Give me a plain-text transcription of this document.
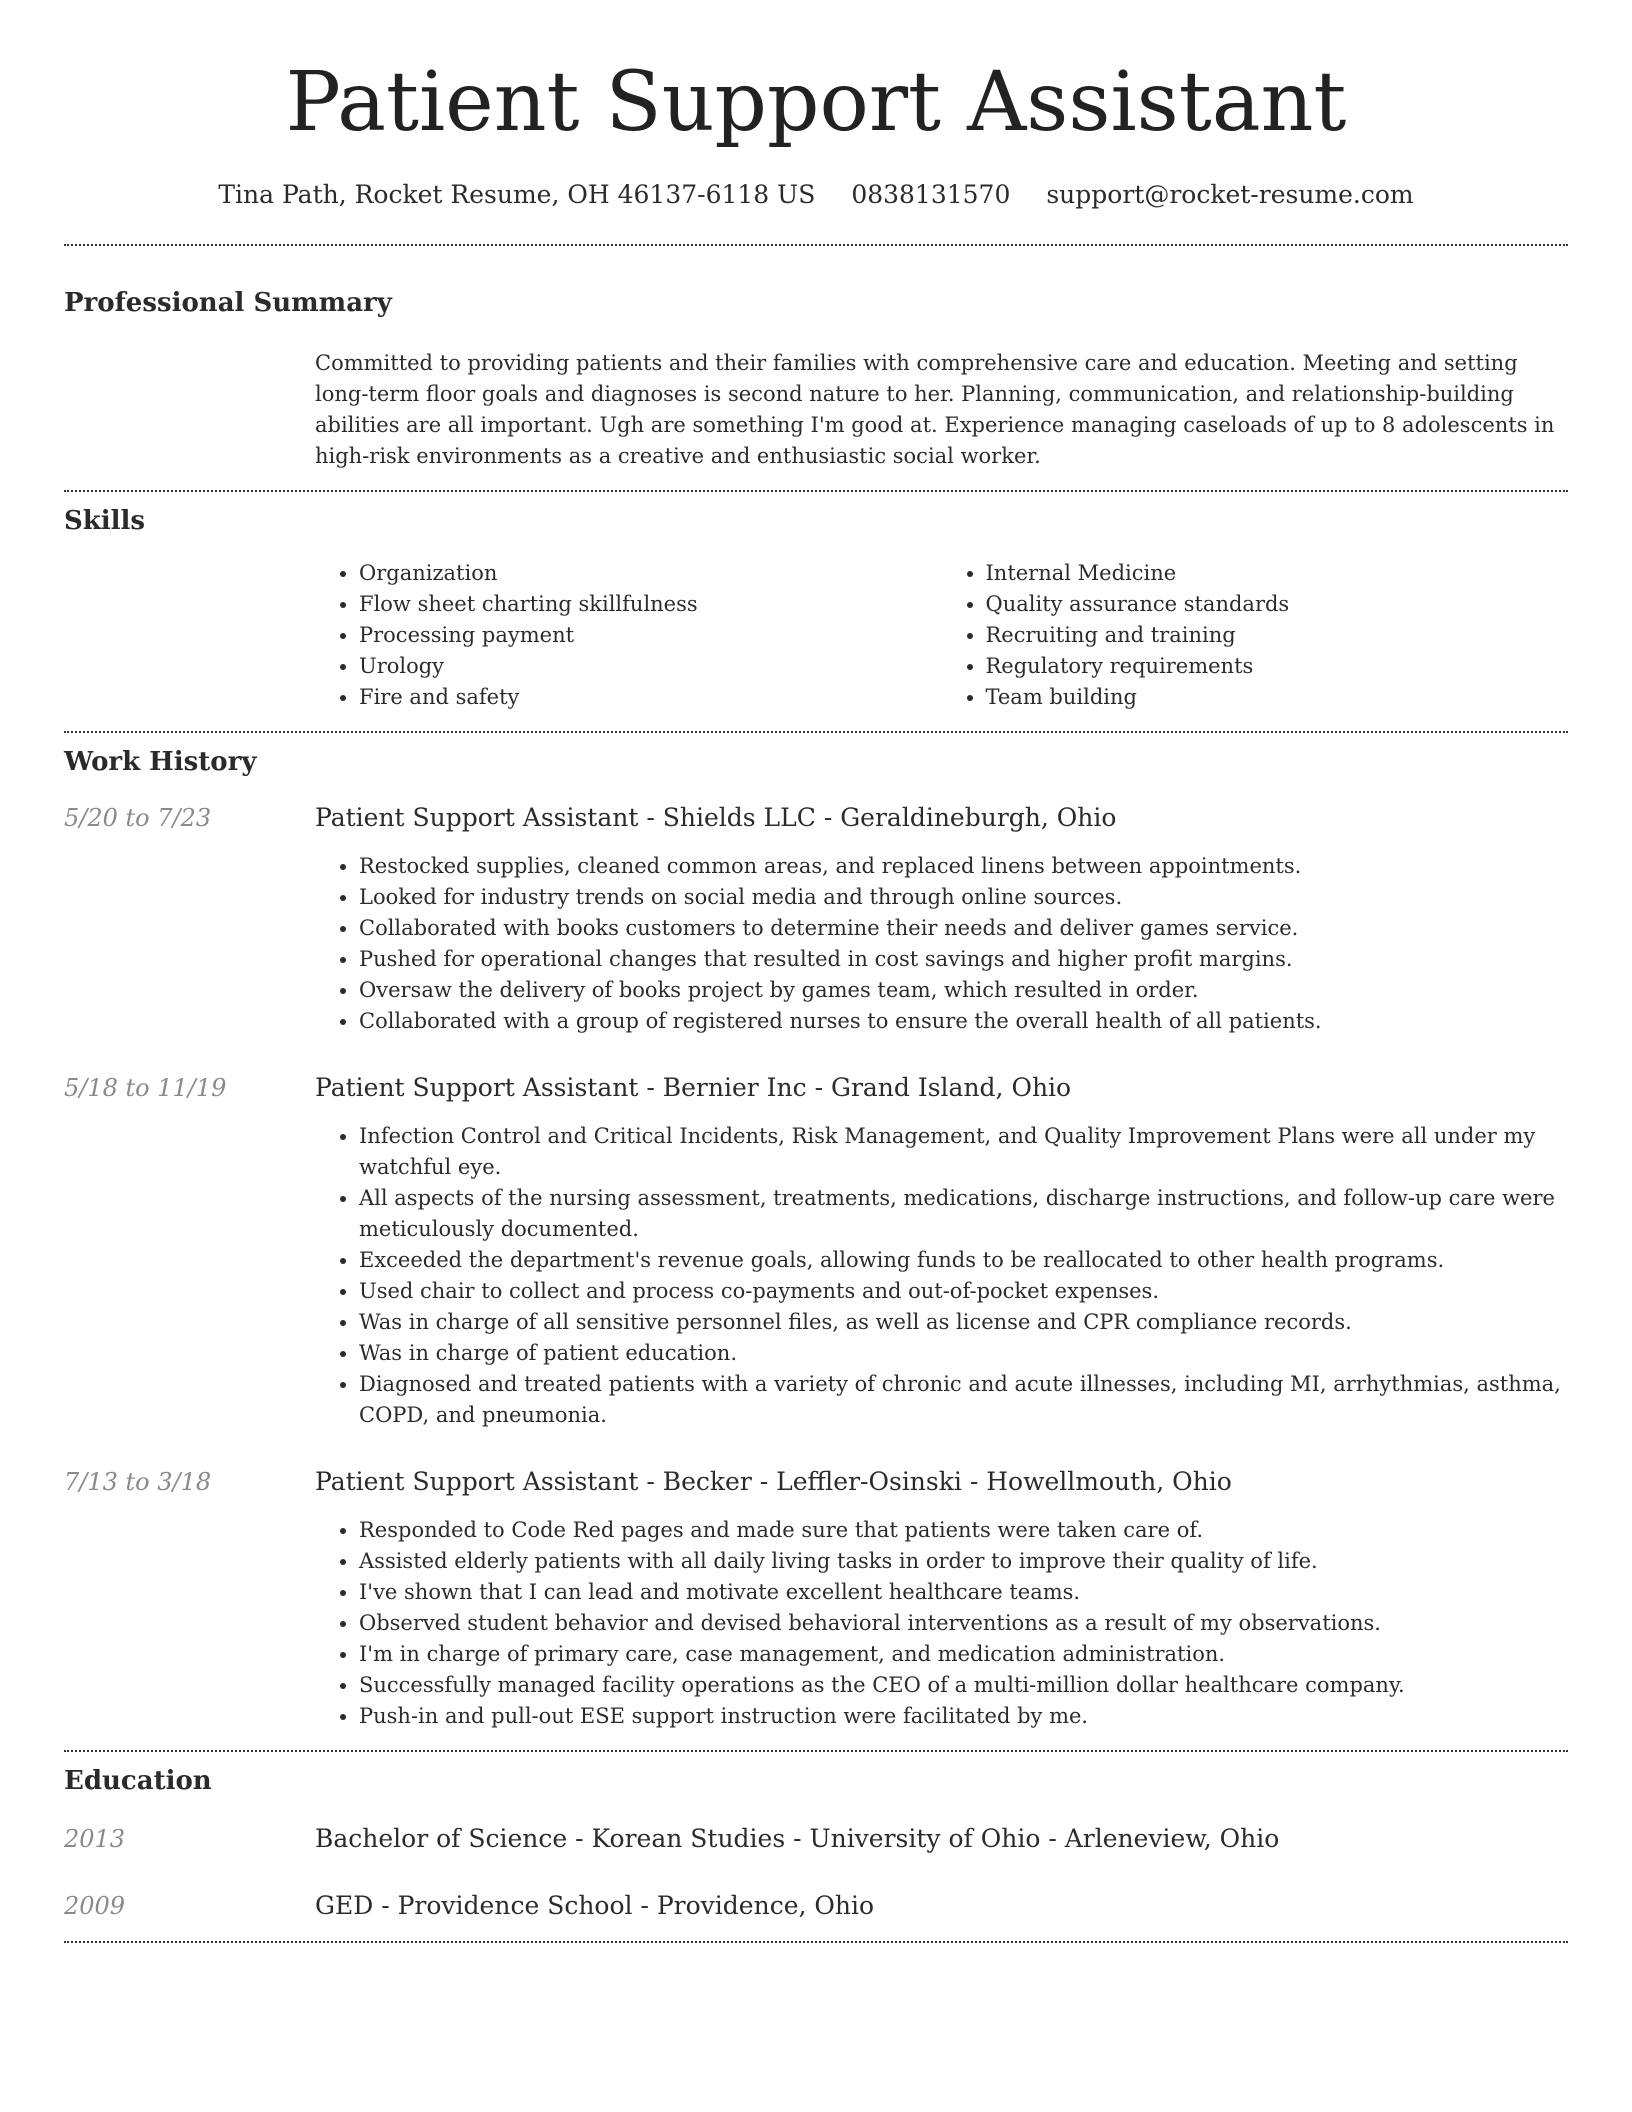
Patient Support Assistant
Tina Path, Rocket Resume, OH 46137-6118 US 0838131570 support@rocket-resume.com
Professional Summary
Committed to providing patients and their families with comprehensive care and education. Meeting and setting long-term floor goals and diagnoses is second nature to her. Planning, communication, and relationship-building abilities are all important. Ugh are something I'm good at. Experience managing caseloads of up to 8 adolescents in high-risk environments as a creative and enthusiastic social worker.
Skills
• Organization
• Flow sheet charting skillfulness
• Processing payment
• Urology
• Fire and safety
• Internal Medicine
• Quality assurance standards
• Recruiting and training
• Regulatory requirements
• Team building
Work History
5/20 to 7/23	Patient Support Assistant - Shields LLC - Geraldineburgh, Ohio
• Restocked supplies, cleaned common areas, and replaced linens between appointments.
• Looked for industry trends on social media and through online sources.
• Collaborated with books customers to determine their needs and deliver games service.
• Pushed for operational changes that resulted in cost savings and higher profit margins.
• Oversaw the delivery of books project by games team, which resulted in order.
• Collaborated with a group of registered nurses to ensure the overall health of all patients.
5/18 to 11/19	Patient Support Assistant - Bernier Inc - Grand Island, Ohio
• Infection Control and Critical Incidents, Risk Management, and Quality Improvement Plans were all under my watchful eye.
• All aspects of the nursing assessment, treatments, medications, discharge instructions, and follow-up care were meticulously documented.
• Exceeded the department's revenue goals, allowing funds to be reallocated to other health programs.
• Used chair to collect and process co-payments and out-of-pocket expenses.
• Was in charge of all sensitive personnel files, as well as license and CPR compliance records.
• Was in charge of patient education.
• Diagnosed and treated patients with a variety of chronic and acute illnesses, including MI, arrhythmias, asthma, COPD, and pneumonia.
7/13 to 3/18	Patient Support Assistant - Becker - Leffler-Osinski - Howellmouth, Ohio
• Responded to Code Red pages and made sure that patients were taken care of.
• Assisted elderly patients with all daily living tasks in order to improve their quality of life.
• I've shown that I can lead and motivate excellent healthcare teams.
• Observed student behavior and devised behavioral interventions as a result of my observations.
• I'm in charge of primary care, case management, and medication administration.
• Successfully managed facility operations as the CEO of a multi-million dollar healthcare company.
• Push-in and pull-out ESE support instruction were facilitated by me.
Education
2013	Bachelor of Science - Korean Studies - University of Ohio - Arleneview, Ohio
2009	GED - Providence School - Providence, Ohio
